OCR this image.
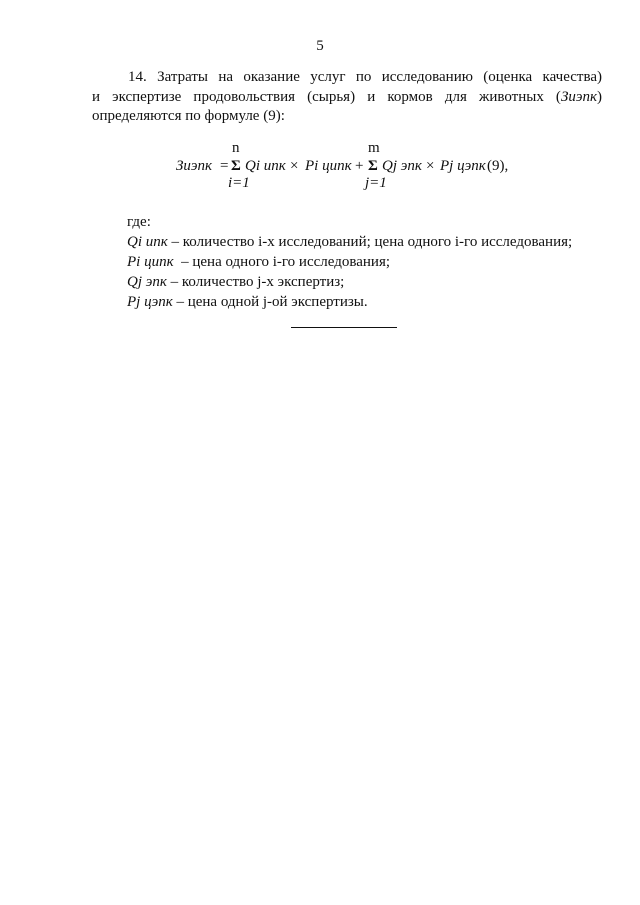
5
14. Затраты на оказание услуг по исследованию (оценка качества)
и экспертизе продовольствия (сырья) и кормов для животных (Зиэпк)
определяются по формуле (9):
n	m
Зиэпк = Σ Qi ипк × Pi ципк + Σ Qj эпк × Pj цэпк (9),
i=1	j=1
где:
Qi ипк – количество i-х исследований; цена одного i-го исследования;
Pi ципк  – цена одного i-го исследования;
Qj эпк – количество j-х экспертиз;
Pj цэпк – цена одной j-ой экспертизы.
